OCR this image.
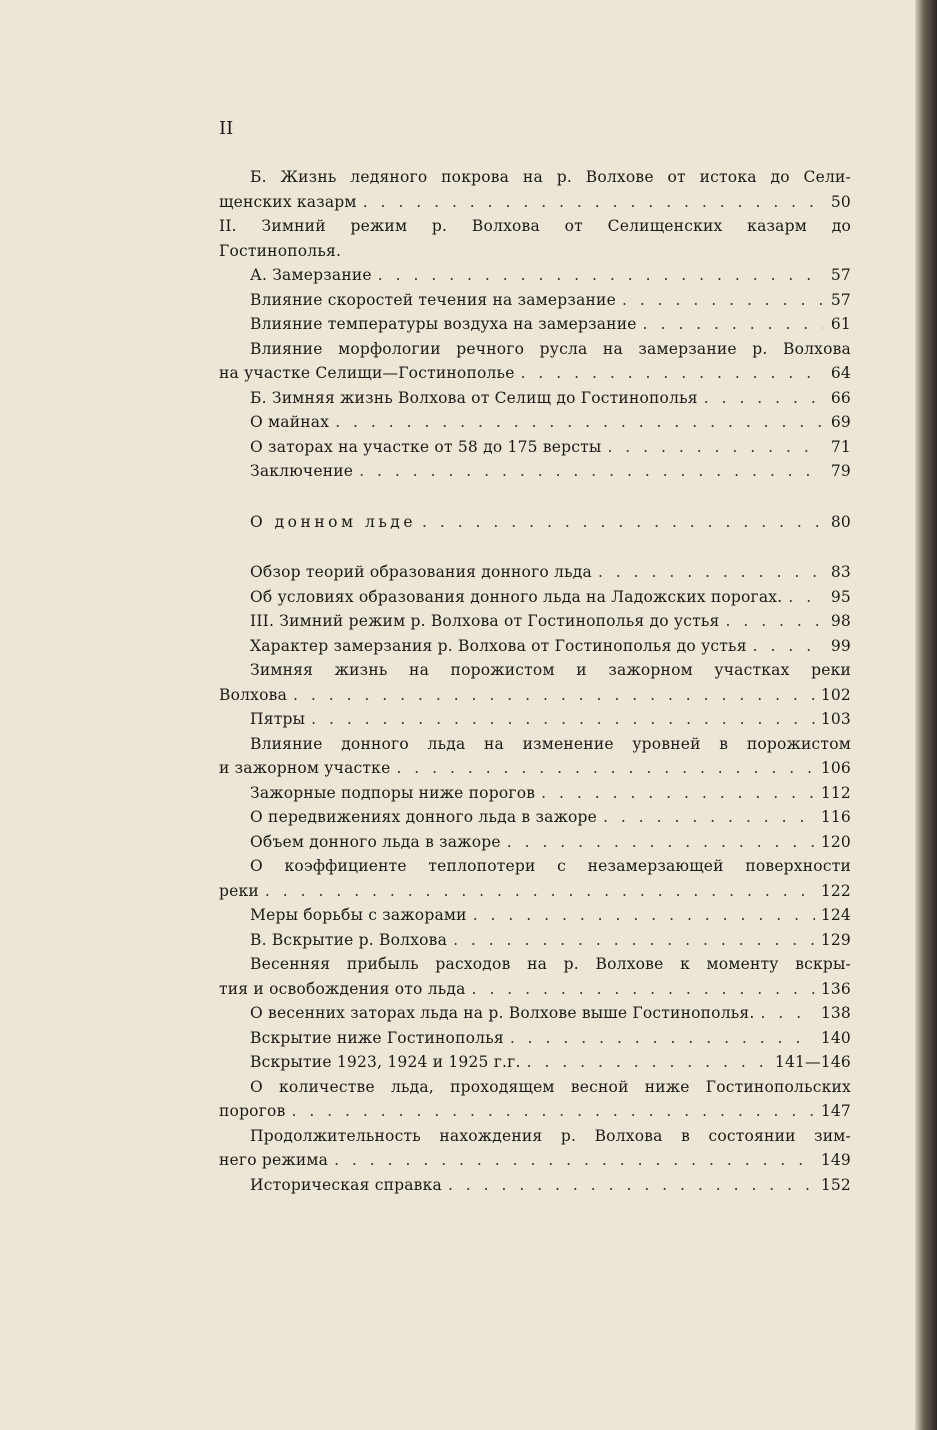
II
Б. Жизнь ледяного покрова на р. Волхове от истока до Сели-
щенских казарм . . .	50
II. Зимний режим р. Волхова от Селищенских казарм до
Гостинополья.
А. Замерзание . . .	57
Влияние скоростей течения на замерзание . . .	57
Влияние температуры воздуха на замерзание . . .	61
Влияние морфологии речного русла на замерзание р. Волхова
на участке Селищи—Гостинополье . . .	64
Б. Зимняя жизнь Волхова от Селищ до Гостинополья . . .	66
О майнах . . .	69
О заторах на участке от 58 до 175 версты . . .	71
Заключение . . .	79
О донном льде . . .	80
Обзор теорий образования донного льда . . .	83
Об условиях образования донного льда на Ладожских порогах. . . .	95
III. Зимний режим р. Волхова от Гостинополья до устья . . .	98
Характер замерзания р. Волхова от Гостинополья до устья . . .	99
Зимняя жизнь на порожистом и зажорном участках реки
Волхова . . .	102
Пятры . . .	103
Влияние донного льда на изменение уровней в порожистом
и зажорном участке . . .	106
Зажорные подпоры ниже порогов . . .	112
О передвижениях донного льда в зажоре . . .	116
Объем донного льда в зажоре . . .	120
О коэффициенте теплопотери с незамерзающей поверхности
реки . . .	122
Меры борьбы с зажорами . . .	124
В. Вскрытие р. Волхова . . .	129
Весенняя прибыль расходов на р. Волхове к моменту вскры-
тия и освобождения ото льда . . .	136
О весенних заторах льда на р. Волхове выше Гостинополья. . . .	138
Вскрытие ниже Гостинополья . . .	140
Вскрытие 1923, 1924 и 1925 г.г. . . .	141—146
О количестве льда, проходящем весной ниже Гостинопольских
порогов . . .	147
Продолжительность нахождения р. Волхова в состоянии зим-
него режима . . .	149
Историческая справка . . .	152
